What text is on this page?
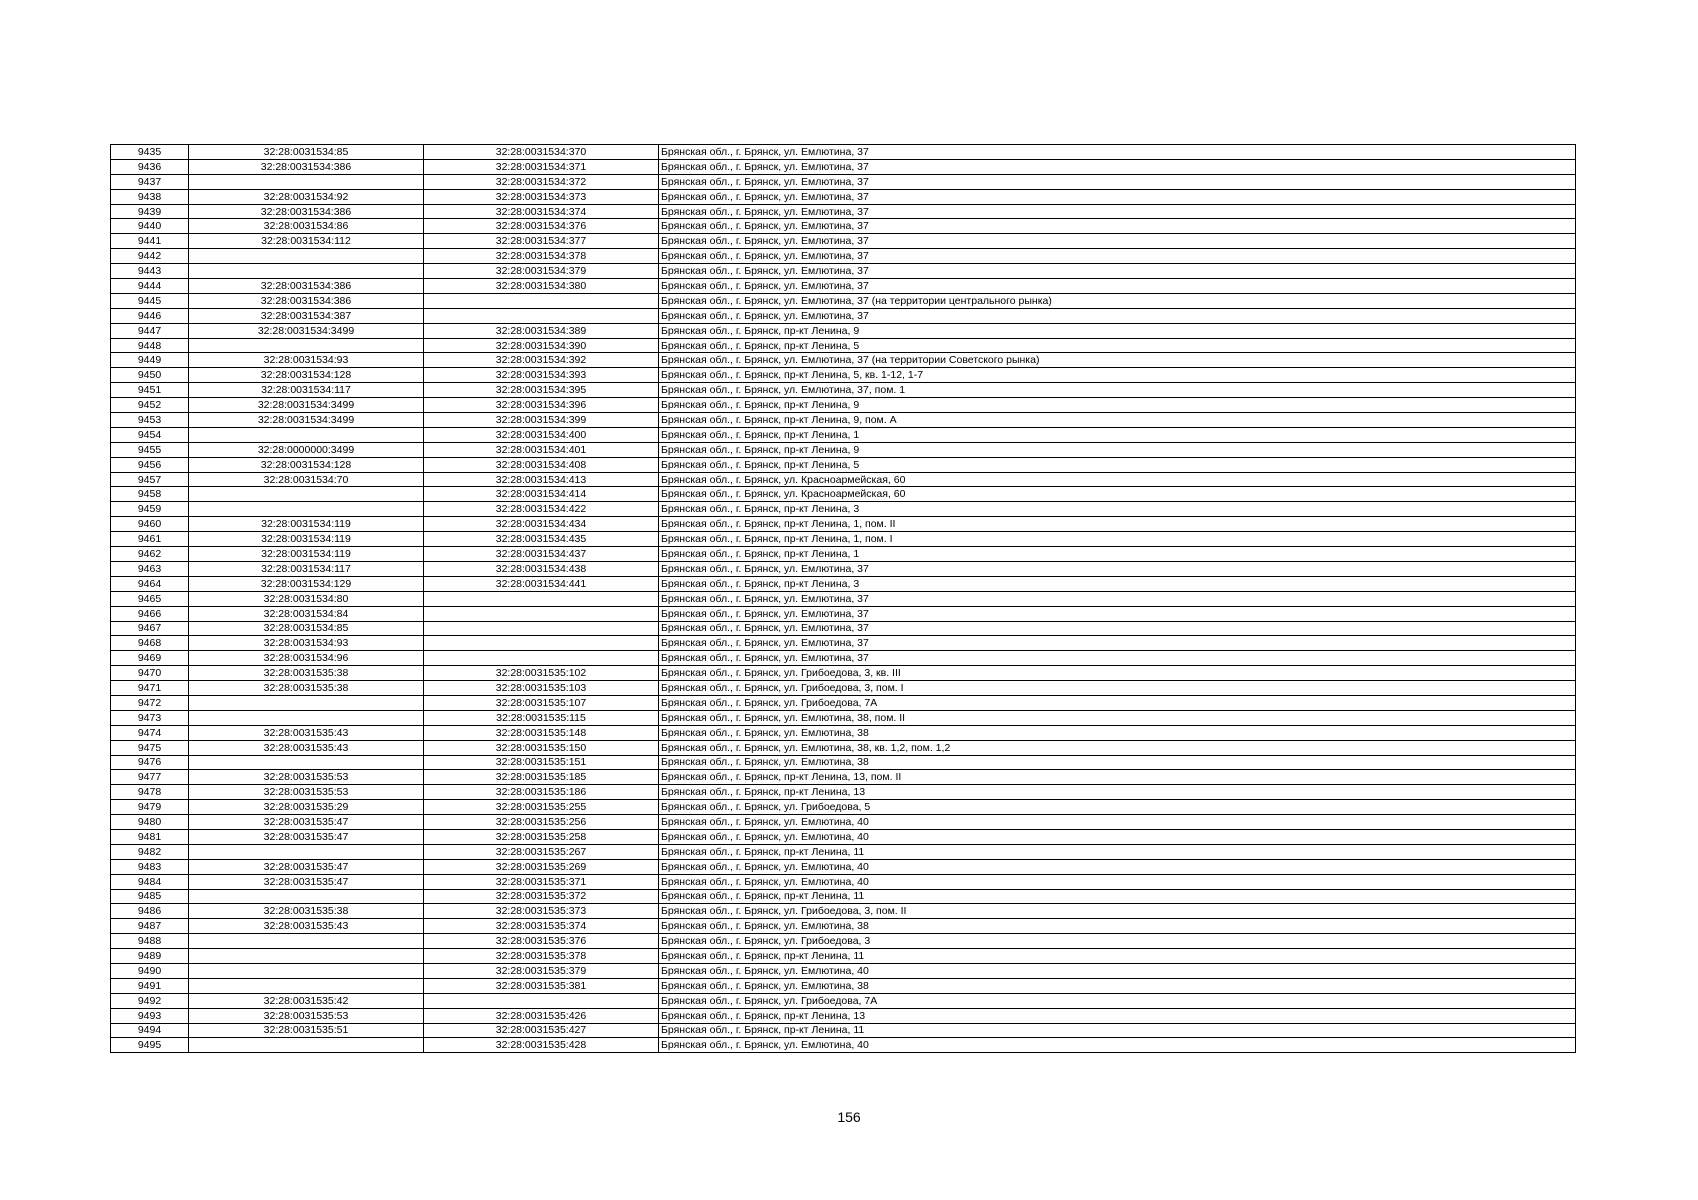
9435	32:28:0031534:85	32:28:0031534:370	Брянская обл., г. Брянск, ул. Емлютина, 37
9436	32:28:0031534:386	32:28:0031534:371	Брянская обл., г. Брянск, ул. Емлютина, 37
9437		32:28:0031534:372	Брянская обл., г. Брянск, ул. Емлютина, 37
9438	32:28:0031534:92	32:28:0031534:373	Брянская обл., г. Брянск, ул. Емлютина, 37
9439	32:28:0031534:386	32:28:0031534:374	Брянская обл., г. Брянск, ул. Емлютина, 37
9440	32:28:0031534:86	32:28:0031534:376	Брянская обл., г. Брянск, ул. Емлютина, 37
9441	32:28:0031534:112	32:28:0031534:377	Брянская обл., г. Брянск, ул. Емлютина, 37
9442		32:28:0031534:378	Брянская обл., г. Брянск, ул. Емлютина, 37
9443		32:28:0031534:379	Брянская обл., г. Брянск, ул. Емлютина, 37
9444	32:28:0031534:386	32:28:0031534:380	Брянская обл., г. Брянск, ул. Емлютина, 37
9445	32:28:0031534:386		Брянская обл., г. Брянск, ул. Емлютина, 37 (на территории центрального рынка)
9446	32:28:0031534:387		Брянская обл., г. Брянск, ул. Емлютина, 37
9447	32:28:0031534:3499	32:28:0031534:389	Брянская обл., г. Брянск, пр-кт Ленина, 9
9448		32:28:0031534:390	Брянская обл., г. Брянск, пр-кт Ленина, 5
9449	32:28:0031534:93	32:28:0031534:392	Брянская обл., г. Брянск, ул. Емлютина, 37 (на территории Советского рынка)
9450	32:28:0031534:128	32:28:0031534:393	Брянская обл., г. Брянск, пр-кт Ленина, 5, кв. 1-12, 1-7
9451	32:28:0031534:117	32:28:0031534:395	Брянская обл., г. Брянск, ул. Емлютина, 37, пом. 1
9452	32:28:0031534:3499	32:28:0031534:396	Брянская обл., г. Брянск, пр-кт Ленина, 9
9453	32:28:0031534:3499	32:28:0031534:399	Брянская обл., г. Брянск, пр-кт Ленина, 9, пом. А
9454		32:28:0031534:400	Брянская обл., г. Брянск, пр-кт Ленина, 1
9455	32:28:0000000:3499	32:28:0031534:401	Брянская обл., г. Брянск, пр-кт Ленина, 9
9456	32:28:0031534:128	32:28:0031534:408	Брянская обл., г. Брянск, пр-кт Ленина, 5
9457	32:28:0031534:70	32:28:0031534:413	Брянская обл., г. Брянск, ул. Красноармейская, 60
9458		32:28:0031534:414	Брянская обл., г. Брянск, ул. Красноармейская, 60
9459		32:28:0031534:422	Брянская обл., г. Брянск, пр-кт Ленина, 3
9460	32:28:0031534:119	32:28:0031534:434	Брянская обл., г. Брянск, пр-кт Ленина, 1, пом. II
9461	32:28:0031534:119	32:28:0031534:435	Брянская обл., г. Брянск, пр-кт Ленина, 1, пом. I
9462	32:28:0031534:119	32:28:0031534:437	Брянская обл., г. Брянск, пр-кт Ленина, 1
9463	32:28:0031534:117	32:28:0031534:438	Брянская обл., г. Брянск, ул. Емлютина, 37
9464	32:28:0031534:129	32:28:0031534:441	Брянская обл., г. Брянск, пр-кт Ленина, 3
9465	32:28:0031534:80		Брянская обл., г. Брянск, ул. Емлютина, 37
9466	32:28:0031534:84		Брянская обл., г. Брянск, ул. Емлютина, 37
9467	32:28:0031534:85		Брянская обл., г. Брянск, ул. Емлютина, 37
9468	32:28:0031534:93		Брянская обл., г. Брянск, ул. Емлютина, 37
9469	32:28:0031534:96		Брянская обл., г. Брянск, ул. Емлютина, 37
9470	32:28:0031535:38	32:28:0031535:102	Брянская обл., г. Брянск, ул. Грибоедова, 3, кв. III
9471	32:28:0031535:38	32:28:0031535:103	Брянская обл., г. Брянск, ул. Грибоедова, 3, пом. I
9472		32:28:0031535:107	Брянская обл., г. Брянск, ул. Грибоедова, 7А
9473		32:28:0031535:115	Брянская обл., г. Брянск, ул. Емлютина, 38, пом. II
9474	32:28:0031535:43	32:28:0031535:148	Брянская обл., г. Брянск, ул. Емлютина, 38
9475	32:28:0031535:43	32:28:0031535:150	Брянская обл., г. Брянск, ул. Емлютина, 38, кв. 1,2, пом. 1,2
9476		32:28:0031535:151	Брянская обл., г. Брянск, ул. Емлютина, 38
9477	32:28:0031535:53	32:28:0031535:185	Брянская обл., г. Брянск, пр-кт Ленина, 13, пом. II
9478	32:28:0031535:53	32:28:0031535:186	Брянская обл., г. Брянск, пр-кт Ленина, 13
9479	32:28:0031535:29	32:28:0031535:255	Брянская обл., г. Брянск, ул. Грибоедова, 5
9480	32:28:0031535:47	32:28:0031535:256	Брянская обл., г. Брянск, ул. Емлютина, 40
9481	32:28:0031535:47	32:28:0031535:258	Брянская обл., г. Брянск, ул. Емлютина, 40
9482		32:28:0031535:267	Брянская обл., г. Брянск, пр-кт Ленина, 11
9483	32:28:0031535:47	32:28:0031535:269	Брянская обл., г. Брянск, ул. Емлютина, 40
9484	32:28:0031535:47	32:28:0031535:371	Брянская обл., г. Брянск, ул. Емлютина, 40
9485		32:28:0031535:372	Брянская обл., г. Брянск, пр-кт Ленина, 11
9486	32:28:0031535:38	32:28:0031535:373	Брянская обл., г. Брянск, ул. Грибоедова, 3, пом. II
9487	32:28:0031535:43	32:28:0031535:374	Брянская обл., г. Брянск, ул. Емлютина, 38
9488		32:28:0031535:376	Брянская обл., г. Брянск, ул. Грибоедова, 3
9489		32:28:0031535:378	Брянская обл., г. Брянск, пр-кт Ленина, 11
9490		32:28:0031535:379	Брянская обл., г. Брянск, ул. Емлютина, 40
9491		32:28:0031535:381	Брянская обл., г. Брянск, ул. Емлютина, 38
9492	32:28:0031535:42		Брянская обл., г. Брянск, ул. Грибоедова, 7А
9493	32:28:0031535:53	32:28:0031535:426	Брянская обл., г. Брянск, пр-кт Ленина, 13
9494	32:28:0031535:51	32:28:0031535:427	Брянская обл., г. Брянск, пр-кт Ленина, 11
9495		32:28:0031535:428	Брянская обл., г. Брянск, ул. Емлютина, 40
156
